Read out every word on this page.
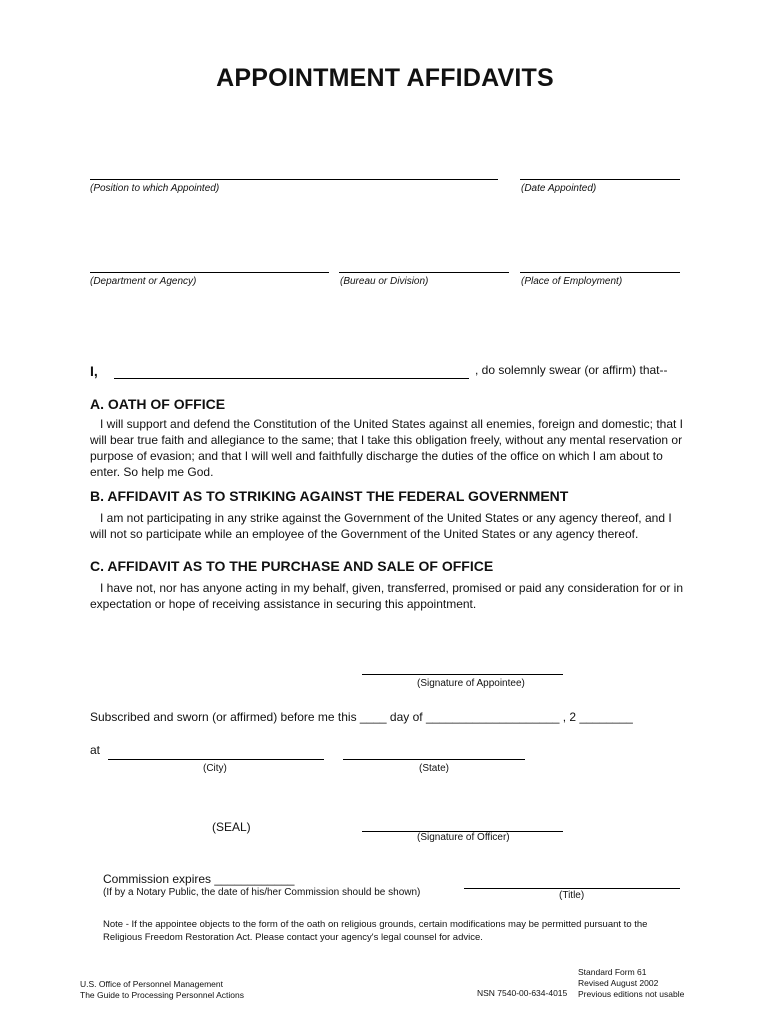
APPOINTMENT AFFIDAVITS
(Position to which Appointed)	(Date Appointed)
(Department or Agency)	(Bureau or Division)	(Place of Employment)
I,	, do solemnly swear (or affirm) that--
A. OATH OF OFFICE
I will support and defend the Constitution of the United States against all enemies, foreign and domestic; that I will bear true faith and allegiance to the same; that I take this obligation freely, without any mental reservation or purpose of evasion; and that I will well and faithfully discharge the duties of the office on which I am about to enter. So help me God.
B. AFFIDAVIT AS TO STRIKING AGAINST THE FEDERAL GOVERNMENT
I am not participating in any strike against the Government of the United States or any agency thereof, and I will not so participate while an employee of the Government of the United States or any agency thereof.
C. AFFIDAVIT AS TO THE PURCHASE AND SALE OF OFFICE
I have not, nor has anyone acting in my behalf, given, transferred, promised or paid any consideration for or in expectation or hope of receiving assistance in securing this appointment.
(Signature of Appointee)
Subscribed and sworn (or affirmed) before me this ____ day of ____________________ , 2 ________
at
(City)	(State)
(SEAL)
(Signature of Officer)
Commission expires ____________
(If by a Notary Public, the date of his/her Commission should be shown)	(Title)
Note - If the appointee objects to the form of the oath on religious grounds, certain modifications may be permitted pursuant to the Religious Freedom Restoration Act. Please contact your agency's legal counsel for advice.
U.S. Office of Personnel Management
The Guide to Processing Personnel Actions	NSN 7540-00-634-4015
Standard Form 61
Revised August 2002
Previous editions not usable
